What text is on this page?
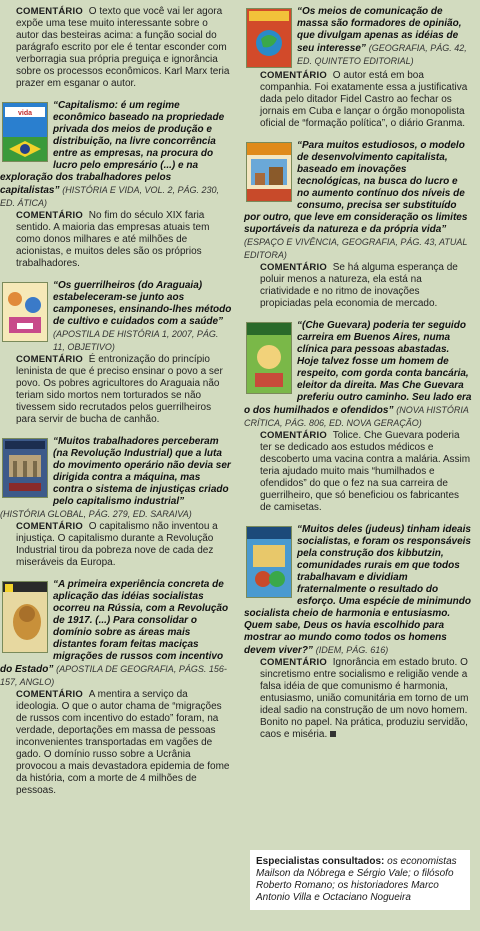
COMENTÁRIO O texto que você vai ler agora expõe uma tese muito interessante sobre o autor das besteiras acima: a função social do parágrafo escrito por ele é tentar esconder com verborragia sua própria preguiça e ignorância sobre os processos econômicos. Karl Marx teria prazer em esganar o autor.
vida
“Capitalismo: é um regime econômico baseado na propriedade privada dos meios de produção e distribuição, na livre concorrência entre as empresas, na procura do lucro pelo empresário (...) e na exploração dos trabalhadores pelos capitalistas” (HISTÓRIA E VIDA, VOL. 2, PÁG. 230, ED. ÁTICA)
COMENTÁRIO No fim do século XIX faria sentido. A maioria das empresas atuais tem como donos milhares e até milhões de acionistas, e muitos deles são os próprios trabalhadores.
“Os guerrilheiros (do Araguaia) estabeleceram-se junto aos camponeses, ensinando-lhes método de cultivo e cuidados com a saúde” (APOSTILA DE HISTÓRIA 1, 2007, PÁG. 11, OBJETIVO)
COMENTÁRIO É entronização do princípio leninista de que é preciso ensinar o povo a ser povo. Os pobres agricultores do Araguaia não teriam sido mortos nem torturados se não tivessem sido recrutados pelos guerrilheiros para servir de bucha de canhão.
“Muitos trabalhadores perceberam (na Revolução Industrial) que a luta do movimento operário não devia ser dirigida contra a máquina, mas contra o sistema de injustiças criado pelo capitalismo industrial” (HISTÓRIA GLOBAL, PÁG. 279, ED. SARAIVA)
COMENTÁRIO O capitalismo não inventou a injustiça. O capitalismo durante a Revolução Industrial tirou da pobreza nove de cada dez miseráveis da Europa.
“A primeira experiência concreta de aplicação das idéias socialistas ocorreu na Rússia, com a Revolução de 1917. (...) Para consolidar o domínio sobre as áreas mais distantes foram feitas maciças migrações de russos com incentivo do Estado” (APOSTILA DE GEOGRAFIA, PÁGS. 156-157, ANGLO)
COMENTÁRIO A mentira a serviço da ideologia. O que o autor chama de “migrações de russos com incentivo do estado” foram, na verdade, deportações em massa de pessoas inconvenientes transportadas em vagões de gado. O domínio russo sobre a Ucrânia provocou a mais devastadora epidemia de fome da história, com a morte de 4 milhões de pessoas.
“Os meios de comunicação de massa são formadores de opinião, que divulgam apenas as idéias de seu interesse” (GEOGRAFIA, PÁG. 42, ED. QUINTETO EDITORIAL)
COMENTÁRIO O autor está em boa companhia. Foi exatamente essa a justificativa dada pelo ditador Fidel Castro ao fechar os jornais em Cuba e lançar o órgão monopolista oficial de “formação política”, o diário Granma.
“Para muitos estudiosos, o modelo de desenvolvimento capitalista, baseado em inovações tecnológicas, na busca do lucro e no aumento contínuo dos níveis de consumo, precisa ser substituído por outro, que leve em consideração os limites suportáveis da natureza e da própria vida” (ESPAÇO E VIVÊNCIA, GEOGRAFIA, PÁG. 43, ATUAL EDITORA)
COMENTÁRIO Se há alguma esperança de poluir menos a natureza, ela está na criatividade e no ritmo de inovações propiciadas pela economia de mercado.
“(Che Guevara) poderia ter seguido carreira em Buenos Aires, numa clínica para pessoas abastadas. Hoje talvez fosse um homem de respeito, com gorda conta bancária, eleitor da direita. Mas Che Guevara preferiu outro caminho. Seu lado era o dos humilhados e ofendidos” (NOVA HISTÓRIA CRÍTICA, PÁG. 806, ED. NOVA GERAÇÃO)
COMENTÁRIO Tolice. Che Guevara poderia ter se dedicado aos estudos médicos e descoberto uma vacina contra a malária. Assim teria ajudado muito mais “humilhados e ofendidos” do que o fez na sua carreira de guerrilheiro, que só beneficiou os fabricantes de camisetas.
“Muitos deles (judeus) tinham ideais socialistas, e foram os responsáveis pela construção dos kibbutzin, comunidades rurais em que todos trabalhavam e dividiam fraternalmente o resultado do esforço. Uma espécie de minimundo socialista cheio de harmonia e entusiasmo. Quem sabe, Deus os havia escolhido para mostrar ao mundo como todos os homens devem viver?” (IDEM, PÁG. 616)
COMENTÁRIO Ignorância em estado bruto. O sincretismo entre socialismo e religião vende a falsa idéia de que comunismo é harmonia, entusiasmo, união comunitária em torno de um ideal sadio na construção de um novo homem. Bonito no papel. Na prática, produziu servidão, caos e miséria.
Especialistas consultados: os economistas Mailson da Nóbrega e Sérgio Vale; o filósofo Roberto Romano; os historiadores Marco Antonio Villa e Octaciano Nogueira
